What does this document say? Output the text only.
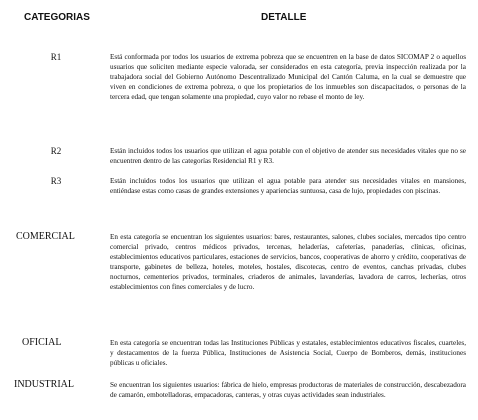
CATEGORIAS	DETALLE
R1	Está conformada por todos los usuarios de extrema pobreza que se encuentren en la base de datos SICOMAP 2 o aquellos usuarios que soliciten mediante especie valorada, ser considerados en esta categoría, previa inspección realizada por la trabajadora social del Gobierno Autónomo Descentralizado Municipal del Cantón Caluma, en la cual se demuestre que viven en condiciones de extrema pobreza, o que los propietarios de los inmuebles son discapacitados, o personas de la tercera edad, que tengan solamente una propiedad, cuyo valor no rebase el monto de ley.
R2	Están incluidos todos los usuarios que utilizan el agua potable con el objetivo de atender sus necesidades vitales que no se encuentren dentro de las categorías Residencial R1 y R3.
R3	Están incluidos todos los usuarios que utilizan el agua potable para atender sus necesidades vitales en mansiones, entiéndase estas como casas de grandes extensiones y apariencias suntuosa, casa de lujo, propiedades con piscinas.
COMERCIAL	En esta categoría se encuentran los siguientes usuarios: bares, restaurantes, salones, clubes sociales, mercados tipo centro comercial privado, centros médicos privados, tercenas, heladerías, cafeterías, panaderías, clínicas, oficinas, establecimientos educativos particulares, estaciones de servicios, bancos, cooperativas de ahorro y crédito, cooperativas de transporte, gabinetes de belleza, hoteles, moteles, hostales, discotecas, centro de eventos, canchas privadas, clubes nocturnos, cementerios privados, terminales, criaderos de animales, lavanderías, lavadora de carros, lecherías, otros establecimientos con fines comerciales y de lucro.
OFICIAL	En esta categoría se encuentran todas las Instituciones Públicas y estatales, establecimientos educativos fiscales, cuarteles, y destacamentos de la fuerza Pública, Instituciones de Asistencia Social, Cuerpo de Bomberos, demás, instituciones públicas u oficiales.
INDUSTRIAL	Se encuentran los siguientes usuarios: fábrica de hielo, empresas productoras de materiales de construcción, descabezadora de camarón, embotelladoras, empacadoras, canteras, y otras cuyas actividades sean industriales.
